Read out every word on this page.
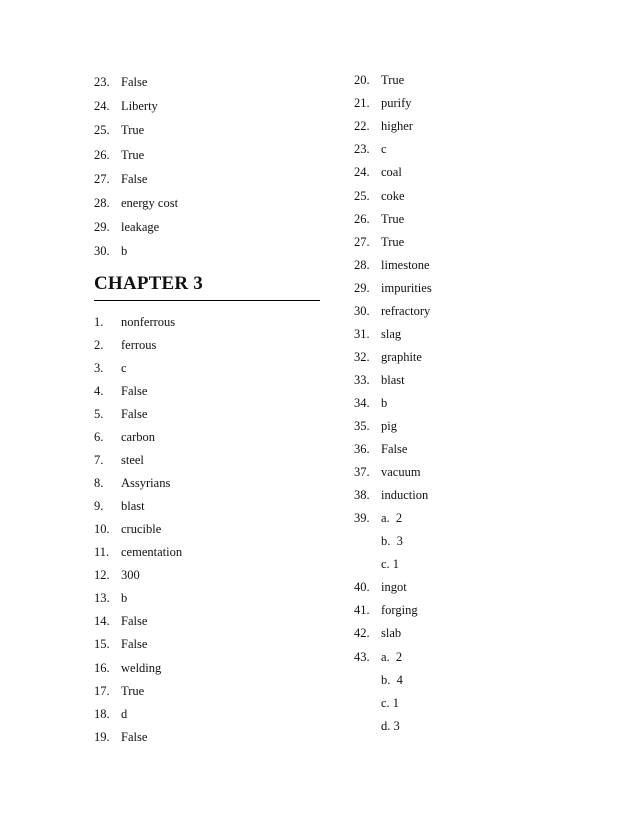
23. False
24. Liberty
25. True
26. True
27. False
28. energy cost
29. leakage
30. b
CHAPTER 3
1. nonferrous
2. ferrous
3. c
4. False
5. False
6. carbon
7. steel
8. Assyrians
9. blast
10. crucible
11. cementation
12. 300
13. b
14. False
15. False
16. welding
17. True
18. d
19. False
20. True
21. purify
22. higher
23. c
24. coal
25. coke
26. True
27. True
28. limestone
29. impurities
30. refractory
31. slag
32. graphite
33. blast
34. b
35. pig
36. False
37. vacuum
38. induction
39. a.  2
b.  3
c. 1
40. ingot
41. forging
42. slab
43. a.  2
b.  4
c. 1
d. 3
